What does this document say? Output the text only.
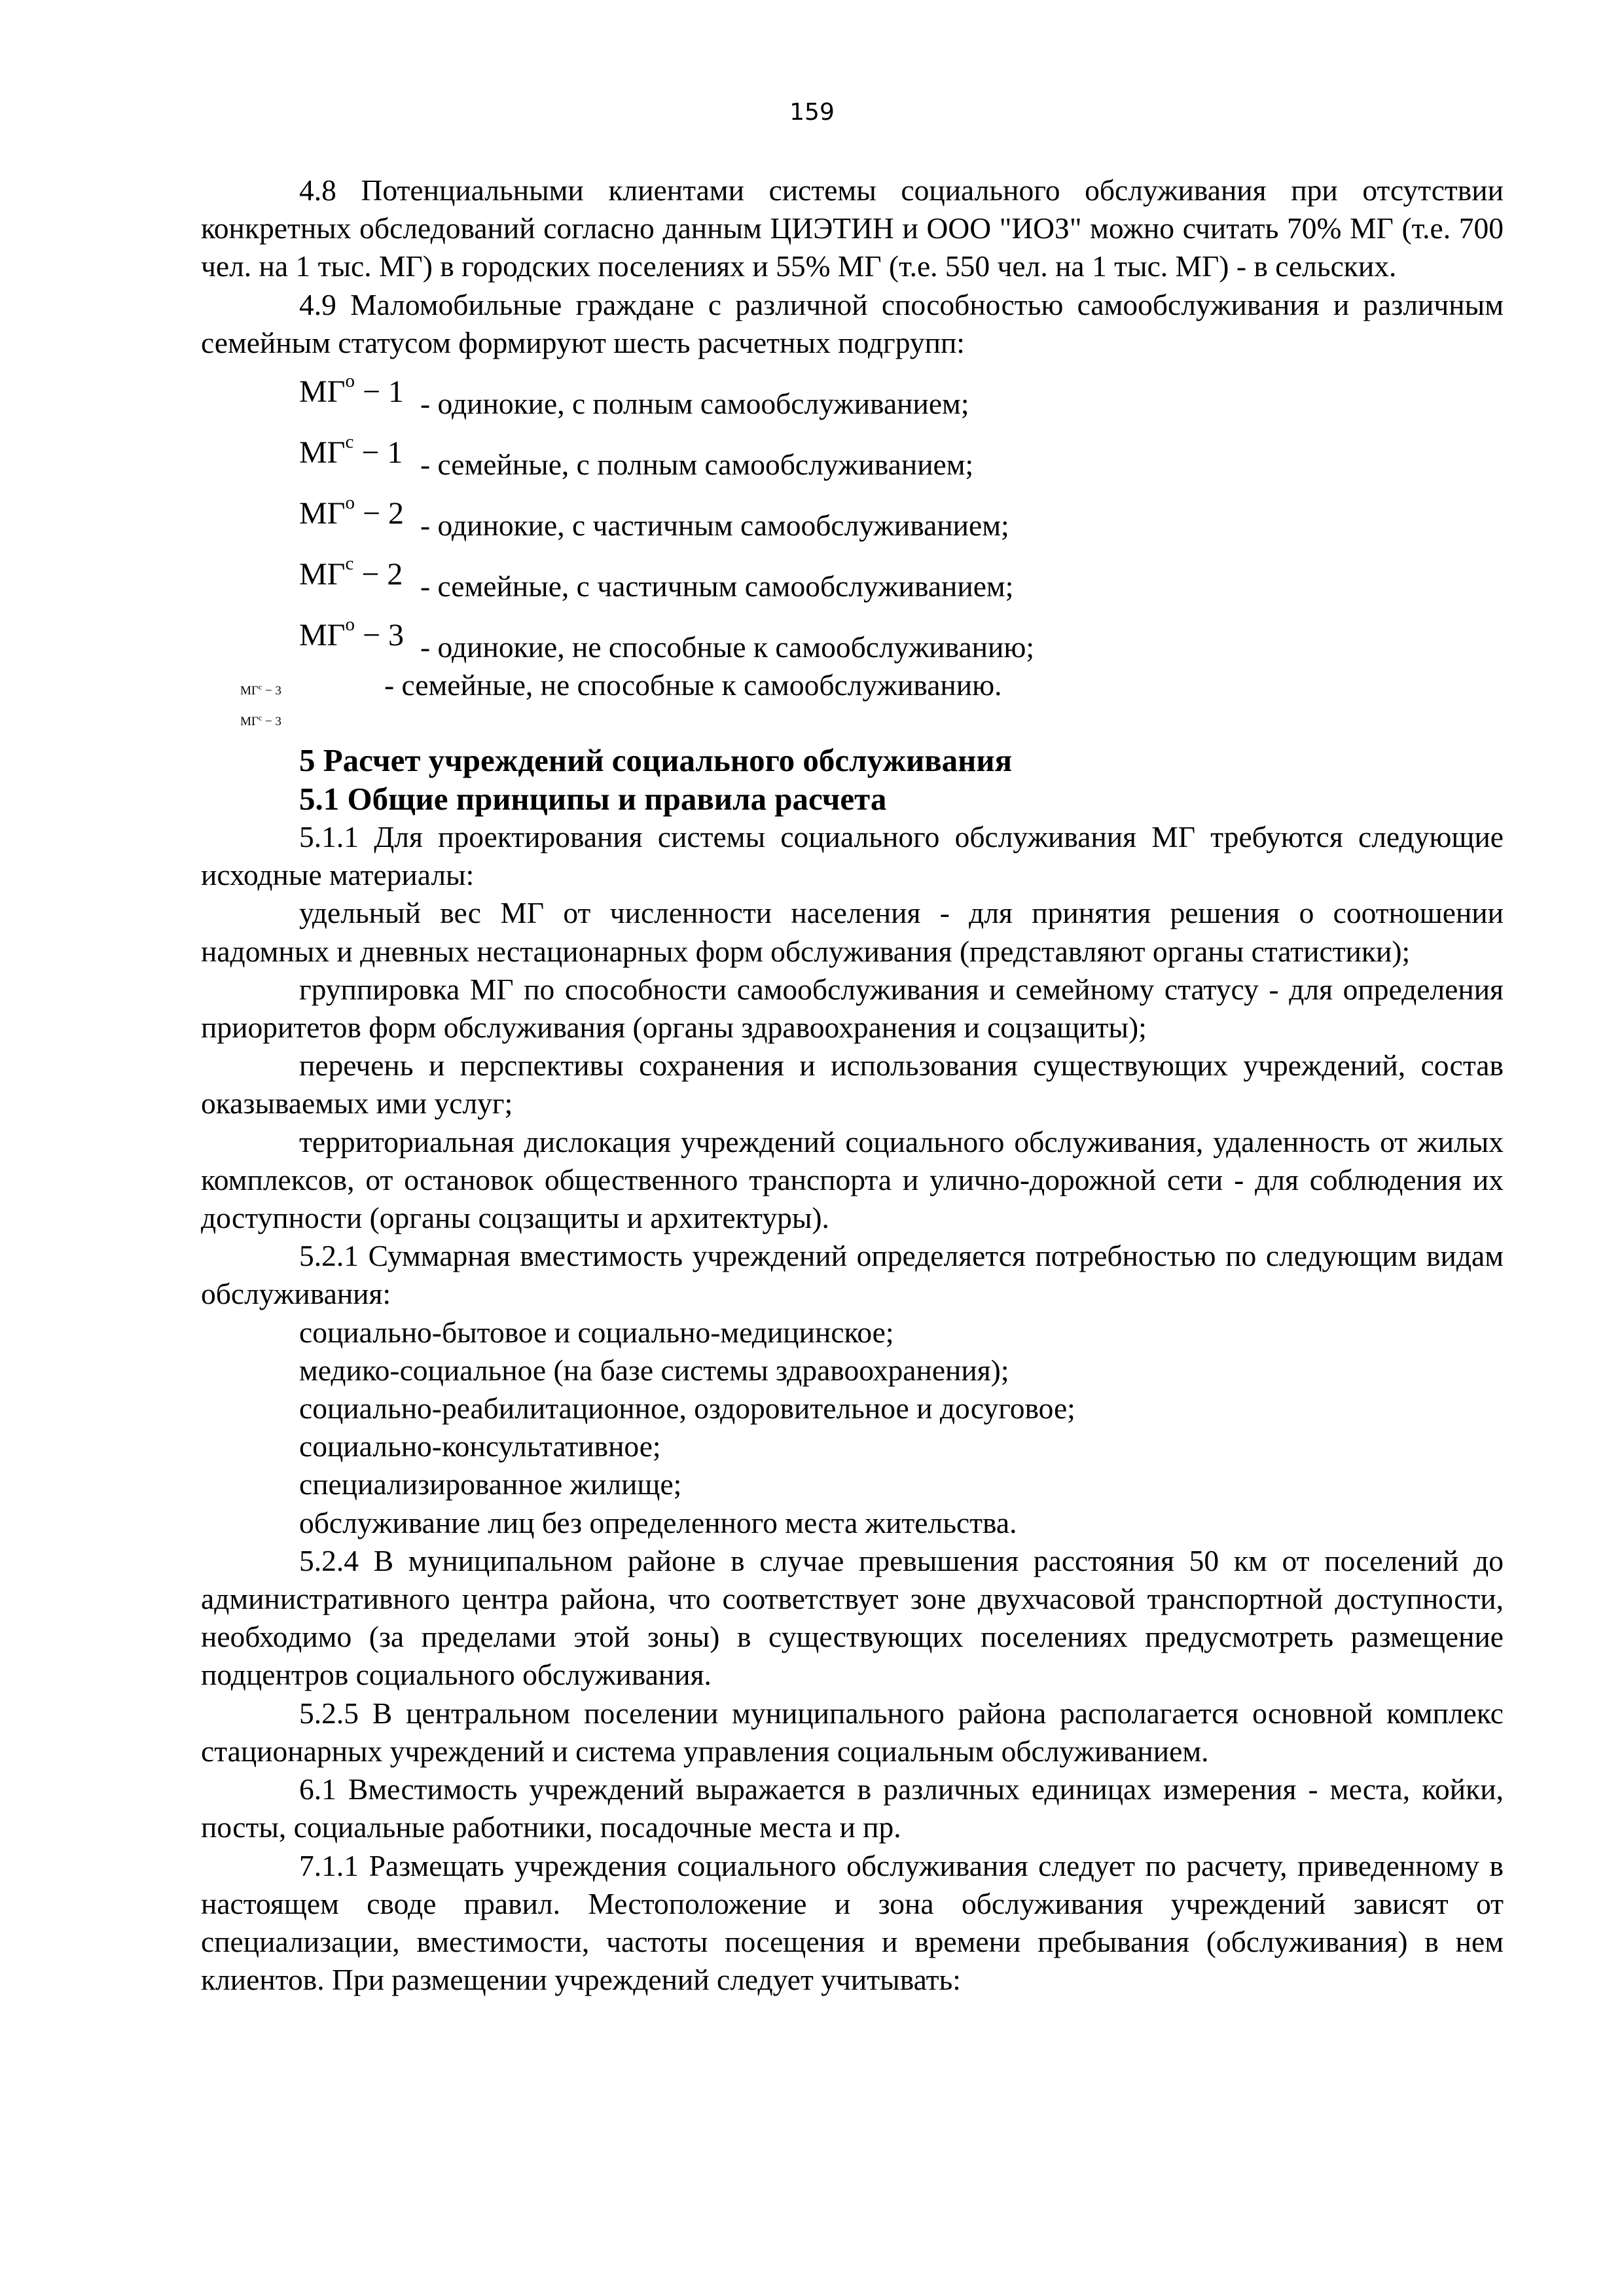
159

4.8 Потенциальными клиентами системы социального обслуживания при отсутствии конкретных обследований согласно данным ЦИЭТИН и ООО "ИОЗ" можно считать 70% МГ (т.е. 700 чел. на 1 тыс. МГ) в городских поселениях и 55% МГ (т.е. 550 чел. на 1 тыс. МГ) - в сельских.

4.9 Маломобильные граждане с различной способностью самообслуживания и различным семейным статусом формируют шесть расчетных подгрупп:

$МГ^о - 1$ - одинокие, с полным самообслуживанием;
$МГ^с - 1$ - семейные, с полным самообслуживанием;
$МГ^о - 2$ - одинокие, с частичным самообслуживанием;
$МГ^с - 2$ - семейные, с частичным самообслуживанием;
$МГ^о - 3$ - одинокие, не способные к самообслуживанию;
$МГ^с - 3$	- семейные, не способные к самообслуживанию.
$МГ^с - 3$
5 Расчет учреждений социального обслуживания
5.1 Общие принципы и правила расчета

5.1.1 Для проектирования системы социального обслуживания МГ требуются следующие исходные материалы:

удельный вес МГ от численности населения - для принятия решения о соотношении надомных и дневных нестационарных форм обслуживания (представляют органы статистики);

группировка МГ по способности самообслуживания и семейному статусу - для определения приоритетов форм обслуживания (органы здравоохранения и соцзащиты);

перечень и перспективы сохранения и использования существующих учреждений, состав оказываемых ими услуг;

территориальная дислокация учреждений социального обслуживания, удаленность от жилых комплексов, от остановок общественного транспорта и улично-дорожной сети - для соблюдения их доступности (органы соцзащиты и архитектуры).

5.2.1 Суммарная вместимость учреждений определяется потребностью по следующим видам обслуживания:

социально-бытовое и социально-медицинское;

медико-социальное (на базе системы здравоохранения);

социально-реабилитационное, оздоровительное и досуговое;

социально-консультативное;

специализированное жилище;

обслуживание лиц без определенного места жительства.

5.2.4 В муниципальном районе в случае превышения расстояния 50 км от поселений до административного центра района, что соответствует зоне двухчасовой транспортной доступности, необходимо (за пределами этой зоны) в существующих поселениях предусмотреть размещение подцентров социального обслуживания.

5.2.5 В центральном поселении муниципального района располагается основной комплекс стационарных учреждений и система управления социальным обслуживанием.

6.1 Вместимость учреждений выражается в различных единицах измерения - места, койки, посты, социальные работники, посадочные места и пр.

7.1.1 Размещать учреждения социального обслуживания следует по расчету, приведенному в настоящем своде правил. Местоположение и зона обслуживания учреждений зависят от специализации, вместимости, частоты посещения и времени пребывания (обслуживания) в нем клиентов. При размещении учреждений следует учитывать:
